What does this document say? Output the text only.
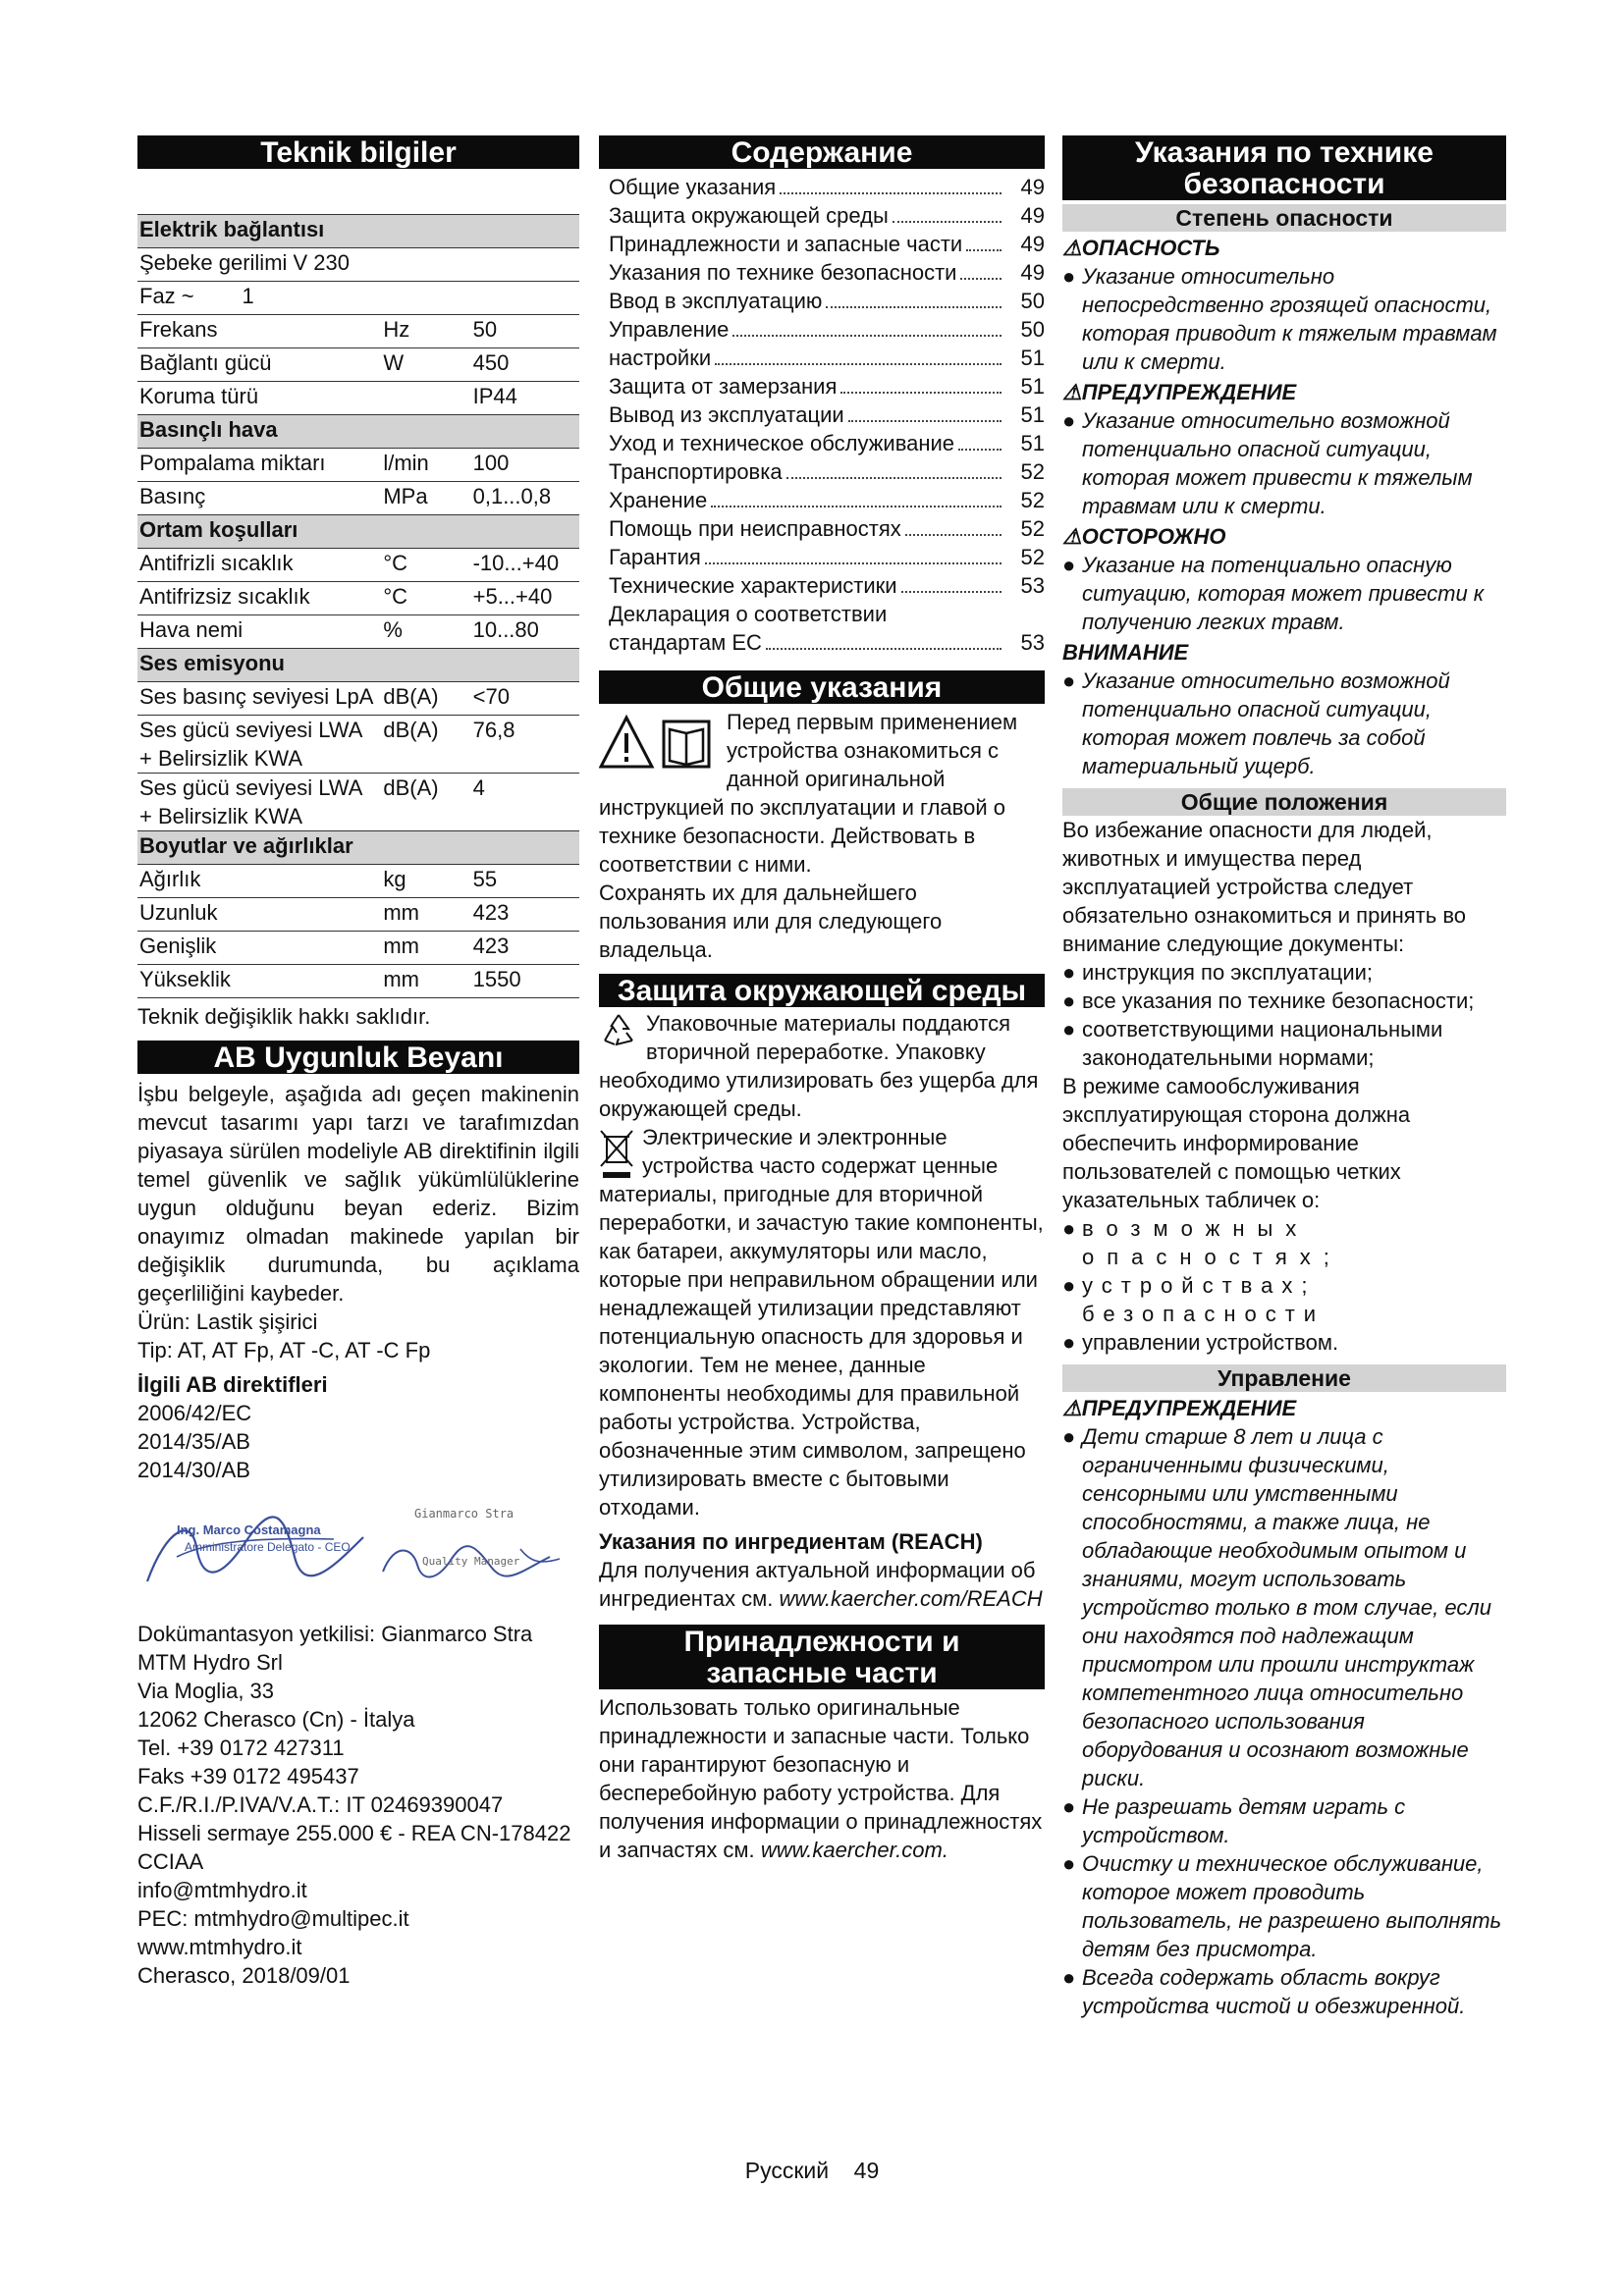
Teknik bilgiler
Elektrik bağlantısı		
Şebeke gerilimi V 230		
Faz ~        1		
Frekans	Hz	50
Bağlantı gücü	W	450
Koruma türü		IP44
Basınçlı hava		
Pompalama miktarı	l/min	100
Basınç	MPa	0,1...0,8
Ortam koşulları		
Antifrizli sıcaklık	°C	-10...+40
Antifrizsiz sıcaklık	°C	+5...+40
Hava nemi	%	10...80
Ses emisyonu		
Ses basınç seviyesi LpA	dB(A)	<70
Ses gücü seviyesi LWA + Belirsizlik KWA	dB(A)	76,8
Ses gücü seviyesi LWA + Belirsizlik KWA	dB(A)	4
Boyutlar ve ağırlıklar		
Ağırlık	kg	55
Uzunluk	mm	423
Genişlik	mm	423
Yükseklik	mm	1550

Teknik değişiklik hakkı saklıdır.

AB Uygunluk Beyanı

İşbu belgeyle, aşağıda adı geçen makinenin mevcut tasarımı yapı tarzı ve tarafımızdan piyasaya sürülen modeliyle AB direktifinin ilgili temel güvenlik ve sağlık yükümlülüklerine uygun olduğunu beyan ederiz. Bizim onayımız olmadan makinede yapılan bir değişiklik durumunda, bu açıklama geçerliliğini kaybeder.

Ürün: Lastik şişirici

Tip: AT, AT Fp, AT -C, AT -C Fp

İlgili AB direktifleri

2006/42/EC

2014/35/AB

2014/30/AB

Ing. Marco Costamagna
Amministratore Delegato - CEO
Gianmarco Stra
Quality Manager

Dokümantasyon yetkilisi: Gianmarco Stra

MTM Hydro Srl

Via Moglia, 33

12062 Cherasco (Cn) - İtalya

Tel. +39 0172 427311

Faks +39 0172 495437

C.F./R.I./P.IVA/V.A.T.: IT 02469390047

Hisseli sermaye 255.000 € - REA CN-178422 CCIAA

info@mtmhydro.it

PEC: mtmhydro@multipec.it

www.mtmhydro.it

Cherasco, 2018/09/01

Содержание
Общие указания	49
Защита окружающей среды	49
Принадлежности и запасные части	49
Указания по технике безопасности	49
Ввод в эксплуатацию	50
Управление	50
настройки	51
Защита от замерзания	51
Вывод из эксплуатации	51
Уход и техническое обслуживание	51
Транспортировка	52
Хранение	52
Помощь при неисправностях	52
Гарантия	52
Технические характеристики	53
Декларация о соответствии
стандартам ЕС	53
Общие указания

Перед первым применением устройства ознакомиться с данной оригинальной инструкцией по эксплуатации и главой о технике безопасности. Действовать в соответствии с ними.

Сохранять их для дальнейшего пользования или для следующего владельца.

Защита окружающей среды

Упаковочные материалы поддаются вторичной переработке. Упаковку необходимо утилизировать без ущерба для окружающей среды.

Электрические и электронные устройства часто содержат ценные материалы, пригодные для вторичной переработки, и зачастую такие компоненты, как батареи, аккумуляторы или масло, которые при неправильном обращении или ненадлежащей утилизации представляют потенциальную опасность для здоровья и экологии. Тем не менее, данные компоненты необходимы для правильной работы устройства. Устройства, обозначенные этим символом, запрещено утилизировать вместе с бытовыми отходами.

Указания по ингредиентам (REACH)

Для получения актуальной информации об ингредиентах см. www.kaercher.com/REACH

Принадлежности и
запасные части

Использовать только оригинальные принадлежности и запасные части. Только они гарантируют безопасную и бесперебойную работу устройства. Для получения информации о принадлежностях и запчастях см. www.kaercher.com.

Указания по технике
безопасности
Степень опасности
⚠ОПАСНОСТЬ
● Указание относительно непосредственно грозящей опасности, которая приводит к тяжелым травмам или к смерти.
⚠ПРЕДУПРЕЖДЕНИЕ
● Указание относительно возможной потенциально опасной ситуации, которая может привести к тяжелым травмам или к смерти.
⚠ОСТОРОЖНО
● Указание на потенциально опасную ситуацию, которая может привести к получению легких травм.
ВНИМАНИЕ
● Указание относительно возможной потенциально опасной ситуации, которая может повлечь за собой материальный ущерб.
Общие положения

Во избежание опасности для людей, животных и имущества перед эксплуатацией устройства следует обязательно ознакомиться и принять во внимание следующие документы:

● инструкция по эксплуатации;
● все указания по технике безопасности;
● соответствующими национальными законодательными нормами;

В режиме самообслуживания эксплуатирующая сторона должна обеспечить информирование пользователей с помощью четких указательных табличек о:

● возможных опасностях;
● устройствах; безопасности
● управлении устройством.
Управление
⚠ПРЕДУПРЕЖДЕНИЕ
● Дети старше 8 лет и лица с ограниченными физическими, сенсорными или умственными способностями, а также лица, не обладающие необходимым опытом и знаниями, могут использовать устройство только в том случае, если они находятся под надлежащим присмотром или прошли инструктаж компетентного лица относительно безопасного использования оборудования и осознают возможные риски.
● Не разрешать детям играть с устройством.
● Очистку и техническое обслуживание, которое может проводить пользователь, не разрешено выполнять детям без присмотра.
● Всегда содержать область вокруг устройства чистой и обезжиренной.
Русский 49
